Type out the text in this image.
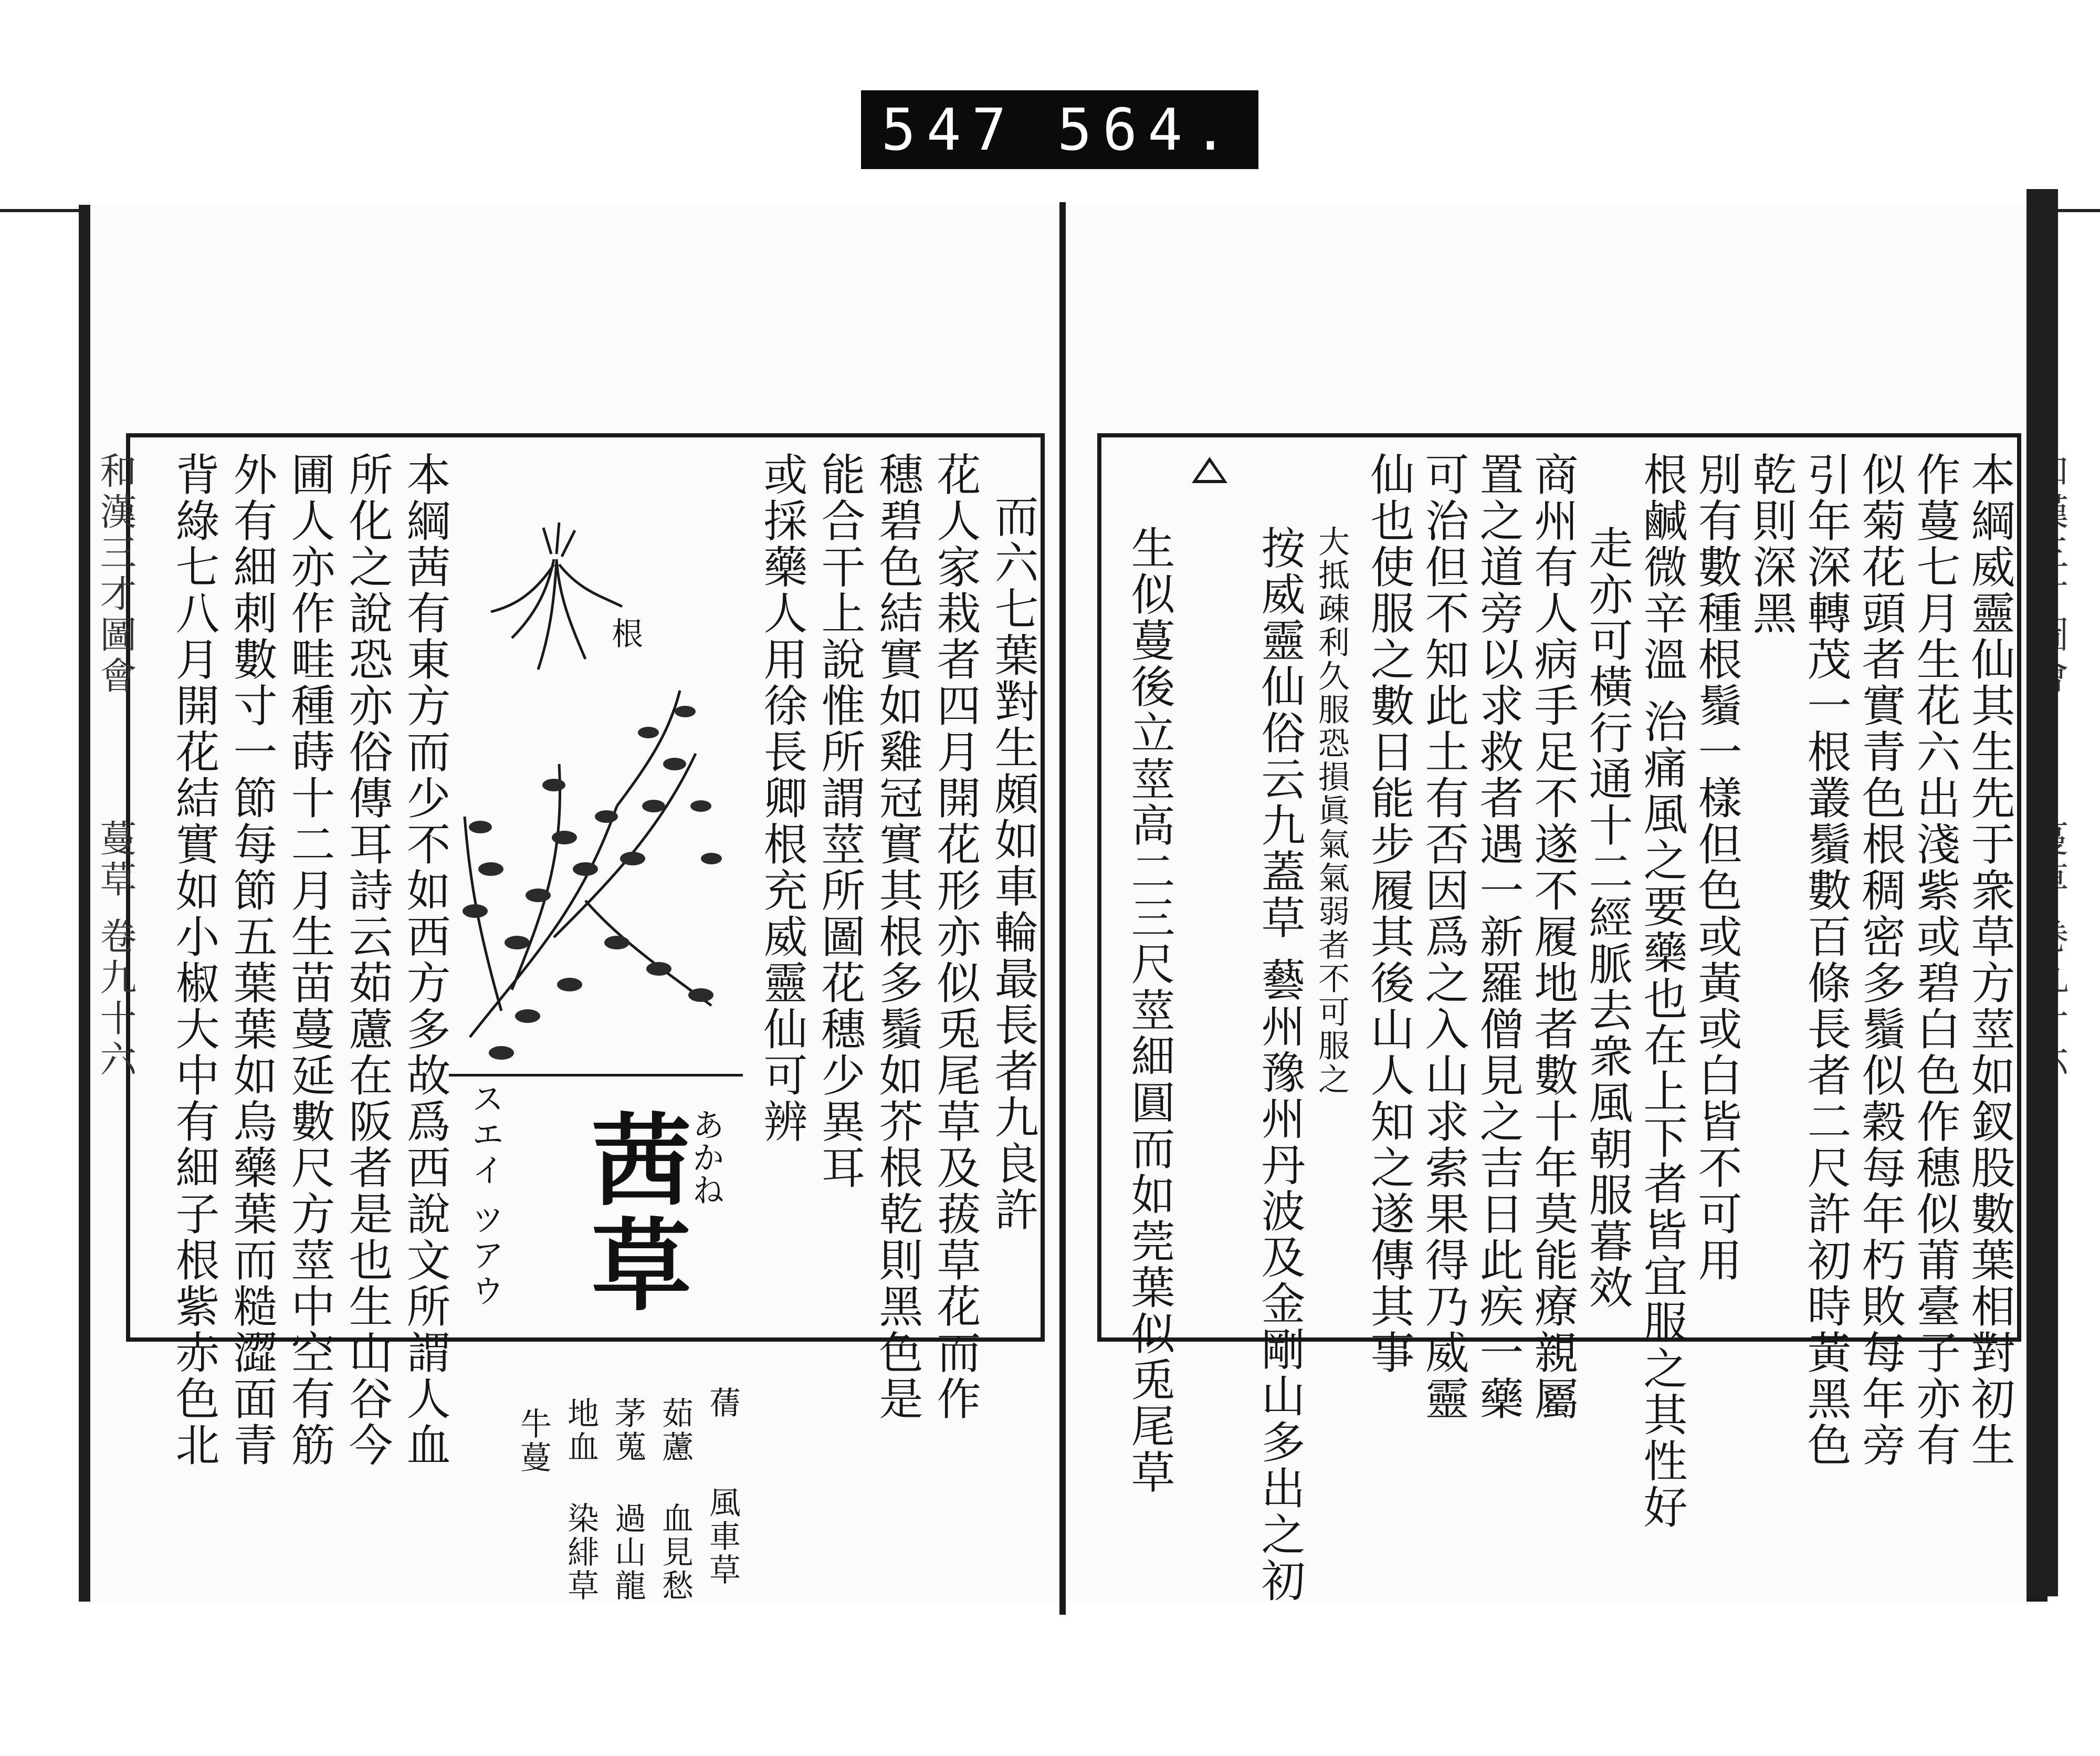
547 564.
和漢三才圖會
蔓草 卷九十六	本綱茜有東方而少不如西方多故爲西說文所謂人血
所化之說恐亦俗傳耳詩云茹藘在阪者是也生山谷今
圃人亦作畦種蒔十二月生苗蔓延數尺方莖中空有筋
外有細刺數寸一節每節五葉葉如烏藥葉而糙澀面青
背綠七八月開花結實如小椒大中有細子根紫赤色北	而六七葉對生頗如車輪最長者九良許
花人家栽者四月開花形亦似兎尾草及菝草花而作
穗碧色結實如雞冠實其根多鬚如芥根乾則黑色是
能合干上說惟所謂莖所圖花穗少異耳
或採藥人用徐長卿根充威靈仙可辨
根
茜草
スエイ ツアウ	あかね
蒨
茹藘
茅蒐
地血
牛蔓
血見愁
過山龍
染緋草	風車草
本綱威靈仙其生先于衆草方莖如釵股數葉相對初生
作蔓七月生花六出淺紫或碧白色作穗似莆臺子亦有
似菊花頭者實青色根稠密多鬚似穀每年朽敗每年旁
引年深轉茂一根叢鬚數百條長者二尺許初時黃黑色
乾則深黑
別有數種根鬚一樣但色或黃或白皆不可用
根鹹微辛溫 治痛風之要藥也在上下者皆宜服之其性好
走亦可橫行通十二經脈去衆風朝服暮效
商州有人病手足不遂不履地者數十年莫能療親屬
置之道旁以求救者遇一新羅僧見之吉日此疾一藥
可治但不知此土有否因爲之入山求索果得乃威靈
仙也使服之數日能步履其後山人知之遂傳其事
大抵疎利久服恐損眞氣氣弱者不可服之
按威靈仙俗云九蓋草 藝州豫州丹波及金剛山多出之初
生似蔓後立莖高二三尺莖細圓而如莞葉似兎尾草
